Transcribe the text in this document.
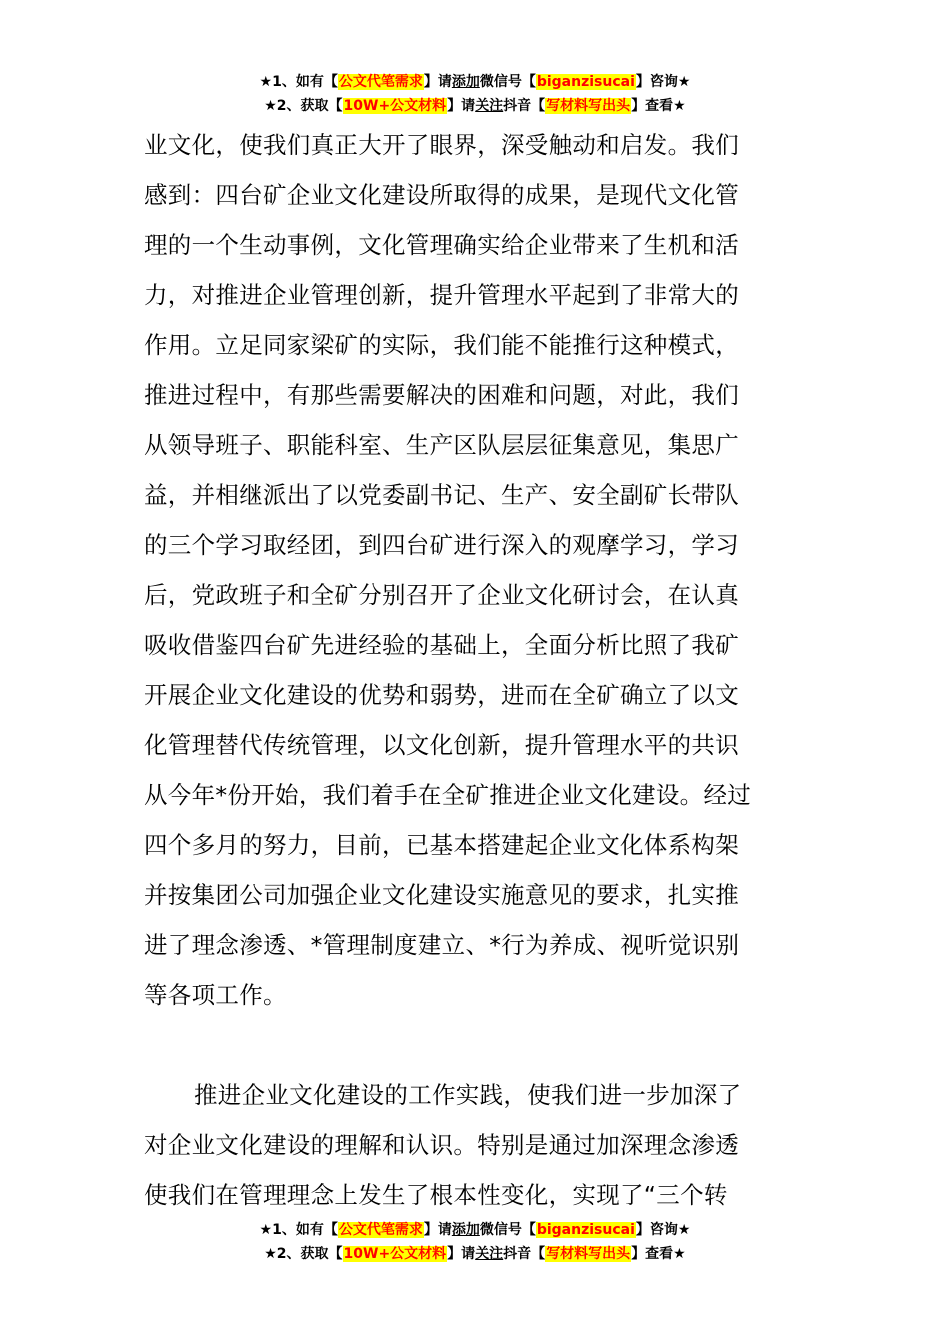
★1、如有【公文代笔需求】请添加微信号【biganzisucai】咨询★
★2、获取【10W+公文材料】请关注抖音【写材料写出头】查看★
业文化，使我们真正大开了眼界，深受触动和启发。我们
感到：四台矿企业文化建设所取得的成果，是现代文化管
理的一个生动事例，文化管理确实给企业带来了生机和活
力，对推进企业管理创新，提升管理水平起到了非常大的
作用。立足同家梁矿的实际，我们能不能推行这种模式，
推进过程中，有那些需要解决的困难和问题，对此，我们
从领导班子、职能科室、生产区队层层征集意见，集思广
益，并相继派出了以党委副书记、生产、安全副矿长带队
的三个学习取经团，到四台矿进行深入的观摩学习，学习
后，党政班子和全矿分别召开了企业文化研讨会，在认真
吸收借鉴四台矿先进经验的基础上，全面分析比照了我矿
开展企业文化建设的优势和弱势，进而在全矿确立了以文
化管理替代传统管理，以文化创新，提升管理水平的共识
从今年*份开始，我们着手在全矿推进企业文化建设。经过
四个多月的努力，目前，已基本搭建起企业文化体系构架
并按集团公司加强企业文化建设实施意见的要求，扎实推
进了理念渗透、*管理制度建立、*行为养成、视听觉识别
等各项工作。
推进企业文化建设的工作实践，使我们进一步加深了
对企业文化建设的理解和认识。特别是通过加深理念渗透
使我们在管理理念上发生了根本性变化，实现了“三个转
★1、如有【公文代笔需求】请添加微信号【biganzisucai】咨询★
★2、获取【10W+公文材料】请关注抖音【写材料写出头】查看★
